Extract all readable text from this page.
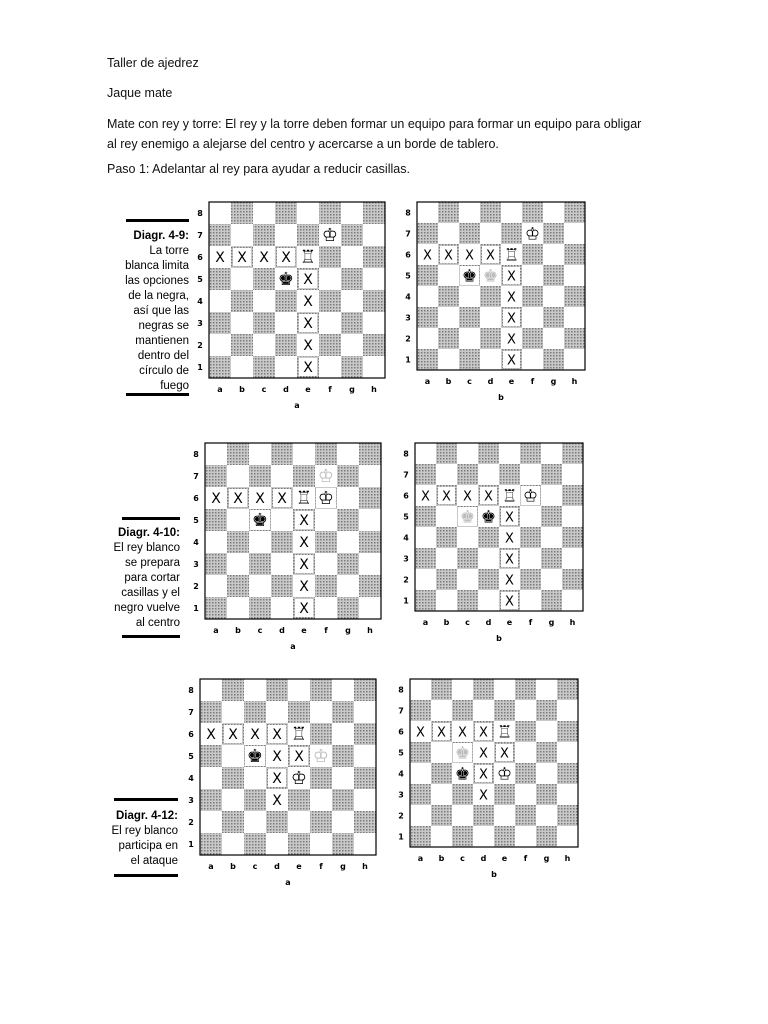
Taller de ajedrez
Jaque mate
Mate con rey y torre: El rey y la torre deben formar un equipo para formar un equipo para obligar
al rey enemigo a alejarse del centro y acercarse a un borde de tablero.
Paso 1: Adelantar al rey para ayudar a reducir casillas.
Diagr. 4-9:
La torre
blanca limita
las opciones
de la negra,
así que las
negras se
mantienen
dentro del
círculo de
fuego
Diagr. 4-10:
El rey blanco
se prepara
para cortar
casillas y el
negro vuelve
al centro
Diagr. 4-12:
El rey blanco
participa en
el ataque
8
7
6
5
4
3
2
1
a b c d e f g h
a
X X X X
X
X
X
X
X
♔
♖
♚
8
7
6
5
4
3
2
1
a b c d e f g h
b
X X X X
X
X
X
X
X
♚
♔
♖
♚
8
7
6
5
4
3
2
1
a b c d e f g h
a
X X X X
X
X
X
X
X
♔
♔
♖
♚
8
7
6
5
4
3
2
1
a b c d e f g h
b
X X X X
X
X
X
X
X
♚
♔
♖
♚
8
7
6
5
4
3
2
1
a b c d e f g h
a
X X X X
X X
X
X
♔
♔
♖
♚
8
7
6
5
4
3
2
1
a b c d e f g h
b
X X X X
X X
X
X
♚
♔
♖
♚
